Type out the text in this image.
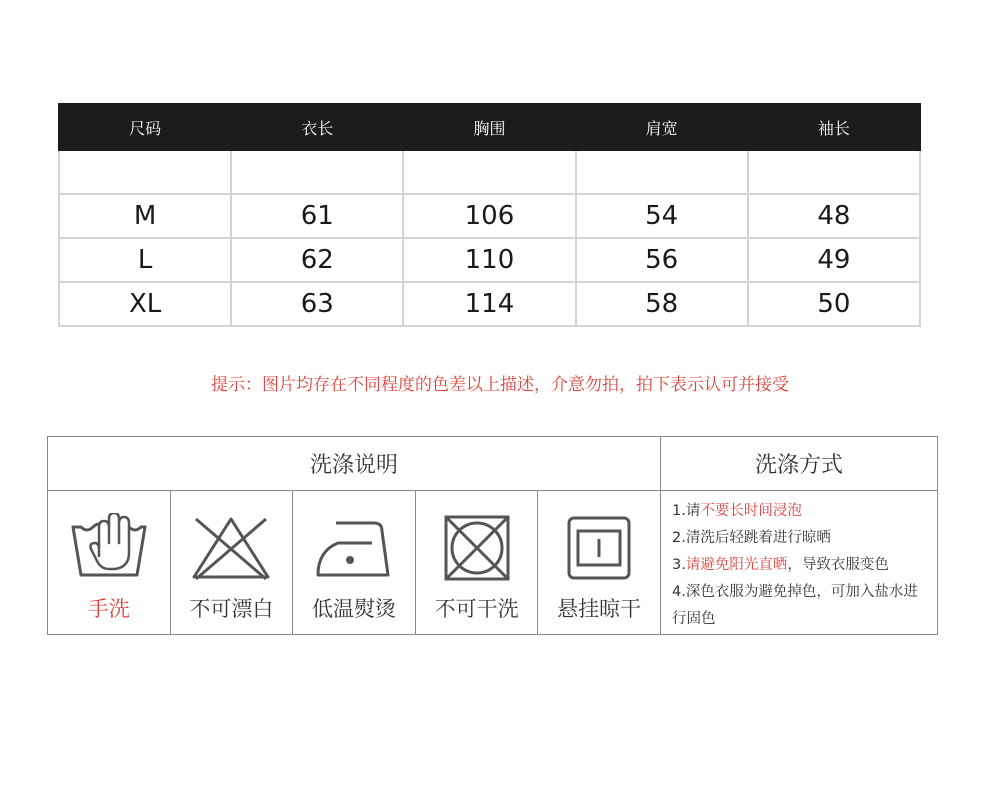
尺码	衣长	胸围	肩宽	袖长

M	61	106	54	48
L	62	110	56	49
XL	63	114	58	50
提示：图片均存在不同程度的色差以上描述，介意勿拍，拍下表示认可并接受
洗涤说明	洗涤方式
手洗	不可漂白	低温熨烫	不可干洗	悬挂晾干
1.请不要长时间浸泡
2.清洗后轻跳着进行晾晒
3.请避免阳光直晒，导致衣服变色
4.深色衣服为避免掉色，可加入盐水进行固色
